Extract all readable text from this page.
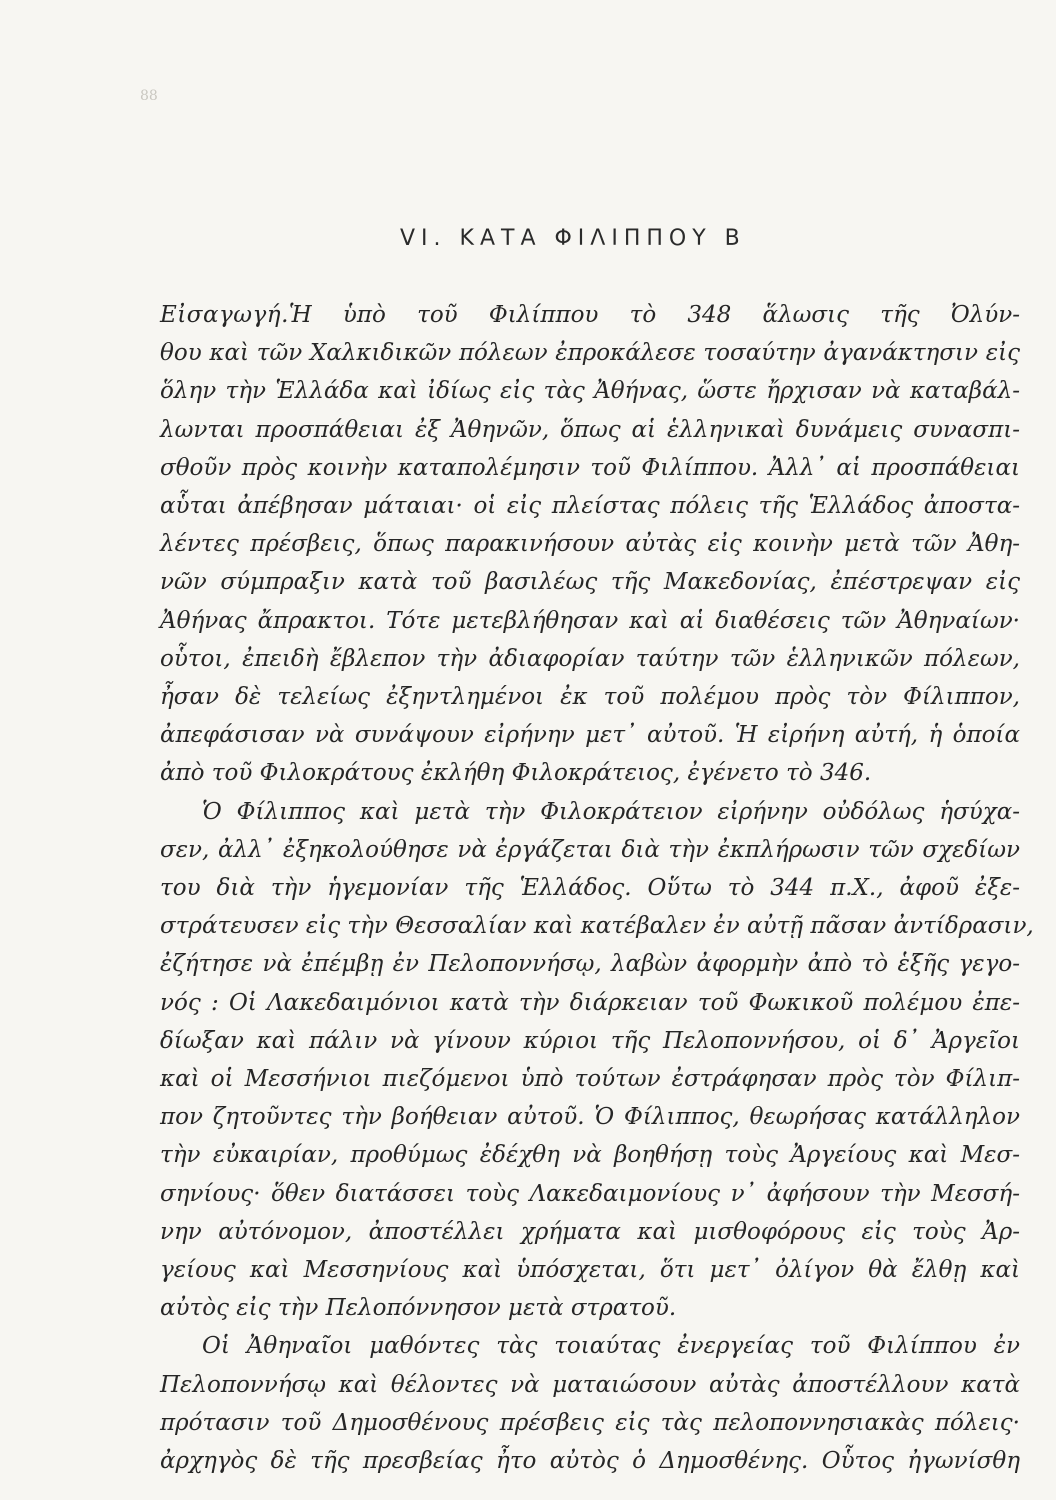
88
VI. ΚΑΤΑ ΦΙΛΙΠΠΟΥ Β
Εἰσαγωγή.Ἡ ὑπὸ τοῦ Φιλίππου τὸ 348 ἅλωσις τῆς Ὀλύν-
θου καὶ τῶν Χαλκιδικῶν πόλεων ἐπροκάλεσε τοσαύτην ἀγανάκτησιν εἰς
ὅλην τὴν Ἑλλάδα καὶ ἰδίως εἰς τὰς Ἀθήνας, ὥστε ἤρχισαν νὰ καταβάλ-
λωνται προσπάθειαι ἐξ Ἀθηνῶν, ὅπως αἱ ἑλληνικαὶ δυνάμεις συνασπι-
σθοῦν πρὸς κοινὴν καταπολέμησιν τοῦ Φιλίππου. Ἀλλ᾽ αἱ προσπάθειαι
αὗται ἀπέβησαν μάταιαι· οἱ εἰς πλείστας πόλεις τῆς Ἑλλάδος ἀποστα-
λέντες πρέσβεις, ὅπως παρακινήσουν αὐτὰς εἰς κοινὴν μετὰ τῶν Ἀθη-
νῶν σύμπραξιν κατὰ τοῦ βασιλέως τῆς Μακεδονίας, ἐπέστρεψαν εἰς
Ἀθήνας ἄπρακτοι. Τότε μετεβλήθησαν καὶ αἱ διαθέσεις τῶν Ἀθηναίων·
οὗτοι, ἐπειδὴ ἔβλεπον τὴν ἀδιαφορίαν ταύτην τῶν ἑλληνικῶν πόλεων,
ἦσαν δὲ τελείως ἐξηντλημένοι ἐκ τοῦ πολέμου πρὸς τὸν Φίλιππον,
ἀπεφάσισαν νὰ συνάψουν εἰρήνην μετ᾽ αὐτοῦ. Ἡ εἰρήνη αὐτή, ἡ ὁποία
ἀπὸ τοῦ Φιλοκράτους ἐκλήθη Φιλοκράτειος, ἐγένετο τὸ 346.
Ὁ Φίλιππος καὶ μετὰ τὴν Φιλοκράτειον εἰρήνην οὐδόλως ἡσύχα-
σεν, ἀλλ᾽ ἐξηκολούθησε νὰ ἐργάζεται διὰ τὴν ἐκπλήρωσιν τῶν σχεδίων
του διὰ τὴν ἡγεμονίαν τῆς Ἑλλάδος. Οὕτω τὸ 344 π.Χ., ἀφοῦ ἐξε-
στράτευσεν εἰς τὴν Θεσσαλίαν καὶ κατέβαλεν ἐν αὐτῇ πᾶσαν ἀντίδρασιν,
ἐζήτησε νὰ ἐπέμβῃ ἐν Πελοποννήσῳ, λαβὼν ἀφορμὴν ἀπὸ τὸ ἑξῆς γεγο-
νός : Οἱ Λακεδαιμόνιοι κατὰ τὴν διάρκειαν τοῦ Φωκικοῦ πολέμου ἐπε-
δίωξαν καὶ πάλιν νὰ γίνουν κύριοι τῆς Πελοποννήσου, οἱ δ᾽ Ἀργεῖοι
καὶ οἱ Μεσσήνιοι πιεζόμενοι ὑπὸ τούτων ἐστράφησαν πρὸς τὸν Φίλιπ-
πον ζητοῦντες τὴν βοήθειαν αὐτοῦ. Ὁ Φίλιππος, θεωρήσας κατάλληλον
τὴν εὐκαιρίαν, προθύμως ἐδέχθη νὰ βοηθήσῃ τοὺς Ἀργείους καὶ Μεσ-
σηνίους· ὅθεν διατάσσει τοὺς Λακεδαιμονίους ν᾽ ἀφήσουν τὴν Μεσσή-
νην αὐτόνομον, ἀποστέλλει χρήματα καὶ μισθοφόρους εἰς τοὺς Ἀρ-
γείους καὶ Μεσσηνίους καὶ ὑπόσχεται, ὅτι μετ᾽ ὀλίγον θὰ ἔλθῃ καὶ
αὐτὸς εἰς τὴν Πελοπόννησον μετὰ στρατοῦ.
Οἱ Ἀθηναῖοι μαθόντες τὰς τοιαύτας ἐνεργείας τοῦ Φιλίππου ἐν
Πελοποννήσῳ καὶ θέλοντες νὰ ματαιώσουν αὐτὰς ἀποστέλλουν κατὰ
πρότασιν τοῦ Δημοσθένους πρέσβεις εἰς τὰς πελοποννησιακὰς πόλεις·
ἀρχηγὸς δὲ τῆς πρεσβείας ἦτο αὐτὸς ὁ Δημοσθένης. Οὗτος ἠγωνίσθη
